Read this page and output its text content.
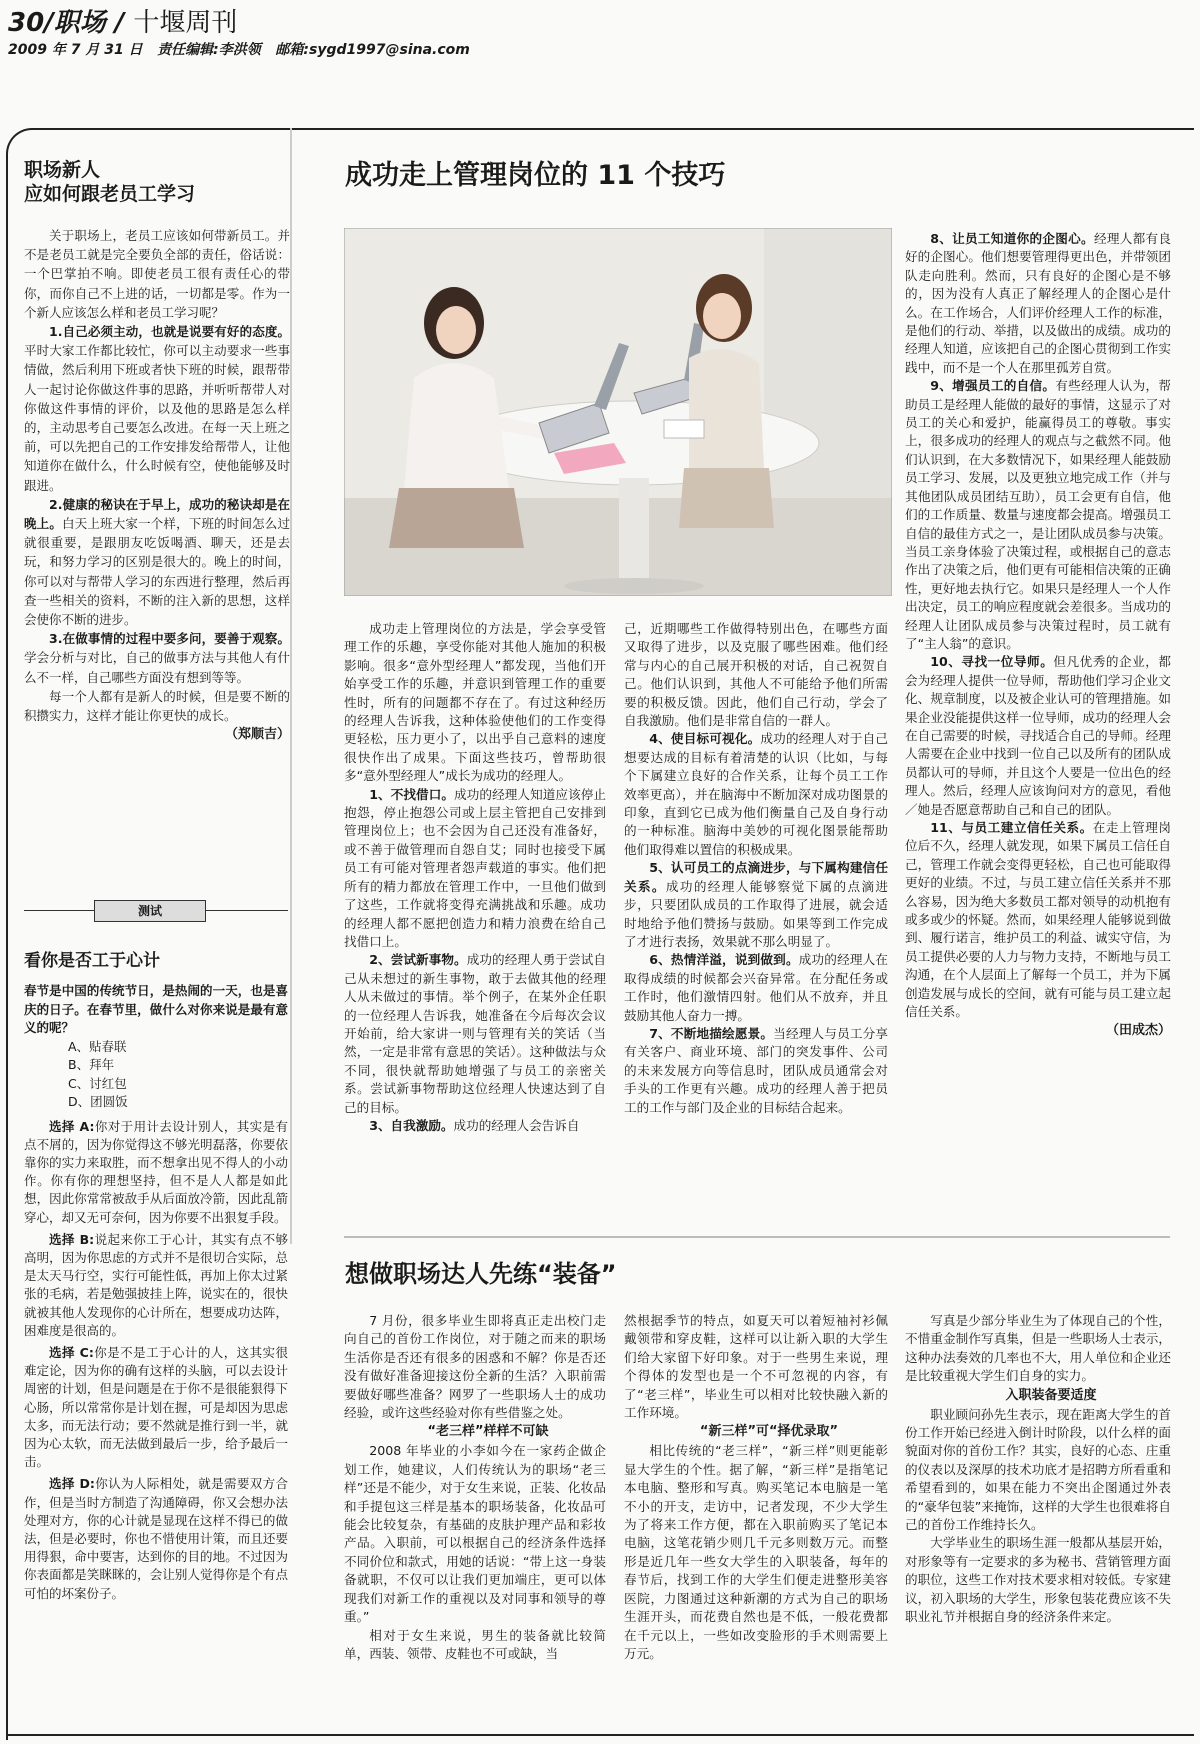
30/职场 / 十堰周刊
2009 年 7 月 31 日 责任编辑:李洪领 邮箱:sygd1997@sina.com
职场新人
应如何跟老员工学习

关于职场上，老员工应该如何带新员工。并不是老员工就是完全要负全部的责任，俗话说：一个巴掌拍不响。即使老员工很有责任心的带你，而你自己不上进的话，一切都是零。作为一个新人应该怎么样和老员工学习呢？

1.自己必须主动，也就是说要有好的态度。平时大家工作都比较忙，你可以主动要求一些事情做，然后利用下班或者快下班的时候，跟帮带人一起讨论你做这件事的思路，并听听帮带人对你做这件事情的评价，以及他的思路是怎么样的，主动思考自己要怎么改进。在每一天上班之前，可以先把自己的工作安排发给帮带人，让他知道你在做什么，什么时候有空，使他能够及时跟进。

2.健康的秘诀在于早上，成功的秘诀却是在晚上。白天上班大家一个样，下班的时间怎么过就很重要，是跟朋友吃饭喝酒、聊天，还是去玩，和努力学习的区别是很大的。晚上的时间，你可以对与帮带人学习的东西进行整理，然后再查一些相关的资料，不断的注入新的思想，这样会使你不断的进步。

3.在做事情的过程中要多问，要善于观察。学会分析与对比，自己的做事方法与其他人有什么不一样，自己哪些方面没有想到等等。

每一个人都有是新人的时候，但是要不断的积攒实力，这样才能让你更快的成长。

（郑顺吉）

测试
看你是否工于心计

春节是中国的传统节日，是热闹的一天，也是喜庆的日子。在春节里，做什么对你来说是最有意义的呢？

A、贴春联
B、拜年
C、讨红包
D、团圆饭

选择 A:你对于用计去设计别人，其实是有点不屑的，因为你觉得这不够光明磊落，你要依靠你的实力来取胜，而不想拿出见不得人的小动作。你有你的理想坚持，但不是人人都是如此想，因此你常常被敌手从后面放冷箭，因此乱箭穿心，却又无可奈何，因为你要不出狠复手段。

选择 B:说起来你工于心计，其实有点不够高明，因为你思虑的方式并不是很切合实际，总是太天马行空，实行可能性低，再加上你太过紧张的毛病，若是勉强披挂上阵，说实在的，很快就被其他人发现你的心计所在，想要成功达阵，困难度是很高的。

选择 C:你是不是工于心计的人，这其实很难定论，因为你的确有这样的头脑，可以去设计周密的计划，但是问题是在于你不是很能狠得下心肠，所以常常你是计划在握，可是却因为思虑太多，而无法行动；要不然就是推行到一半，就因为心太软，而无法做到最后一步，给予最后一击。

选择 D:你认为人际相处，就是需要双方合作，但是当时方制造了沟通障碍，你又会想办法处理对方，你的心计就是显现在这样不得已的做法，但是必要时，你也不惜使用计策，而且还要用得狠，命中要害，达到你的目的地。不过因为你表面都是笑眯眯的，会让别人觉得你是个有点可怕的坏案份子。

成功走上管理岗位的 11 个技巧

成功走上管理岗位的方法是，学会享受管理工作的乐趣，享受你能对其他人施加的积极影响。很多“意外型经理人”都发现，当他们开始享受工作的乐趣，并意识到管理工作的重要性时，所有的问题都不存在了。有过这种经历的经理人告诉我，这种体验使他们的工作变得更轻松，压力更小了，以出乎自己意料的速度很快作出了成果。下面这些技巧，曾帮助很多“意外型经理人”成长为成功的经理人。

1、不找借口。成功的经理人知道应该停止抱怨，停止抱怨公司或上层主管把自己安排到管理岗位上；也不会因为自己还没有准备好，或不善于做管理而自怨自艾；同时也接受下属员工有可能对管理者怨声载道的事实。他们把所有的精力都放在管理工作中，一旦他们做到了这些，工作就将变得充满挑战和乐趣。成功的经理人都不愿把创造力和精力浪费在给自己找借口上。

2、尝试新事物。成功的经理人勇于尝试自己从未想过的新生事物，敢于去做其他的经理人从未做过的事情。举个例子，在某外企任职的一位经理人告诉我，她准备在今后每次会议开始前，给大家讲一则与管理有关的笑话（当然，一定是非常有意思的笑话）。这种做法与众不同，很快就帮助她增强了与员工的亲密关系。尝试新事物帮助这位经理人快速达到了自己的目标。

3、自我激励。成功的经理人会告诉自

己，近期哪些工作做得特别出色，在哪些方面又取得了进步，以及克服了哪些困难。他们经常与内心的自己展开积极的对话，自己祝贺自己。他们认识到，其他人不可能给予他们所需要的积极反馈。因此，他们自己行动，学会了自我激励。他们是非常自信的一群人。

4、使目标可视化。成功的经理人对于自己想要达成的目标有着清楚的认识（比如，与每个下属建立良好的合作关系，让每个员工工作效率更高），并在脑海中不断加深对成功图景的印象，直到它已成为他们衡量自己及自身行动的一种标准。脑海中美妙的可视化图景能帮助他们取得难以置信的积极成果。

5、认可员工的点滴进步，与下属构建信任关系。成功的经理人能够察觉下属的点滴进步，只要团队成员的工作取得了进展，就会适时地给予他们赞扬与鼓励。如果等到工作完成了才进行表扬，效果就不那么明显了。

6、热情洋溢，说到做到。成功的经理人在取得成绩的时候都会兴奋异常。在分配任务或工作时，他们激情四射。他们从不放弃，并且鼓励其他人奋力一搏。

7、不断地描绘愿景。当经理人与员工分享有关客户、商业环境、部门的突发事件、公司的未来发展方向等信息时，团队成员通常会对手头的工作更有兴趣。成功的经理人善于把员工的工作与部门及企业的目标结合起来。

8、让员工知道你的企图心。经理人都有良好的企图心。他们想要管理得更出色，并带领团队走向胜利。然而，只有良好的企图心是不够的，因为没有人真正了解经理人的企图心是什么。在工作场合，人们评价经理人工作的标准，是他们的行动、举措，以及做出的成绩。成功的经理人知道，应该把自己的企图心贯彻到工作实践中，而不是一个人在那里孤芳自赏。

9、增强员工的自信。有些经理人认为，帮助员工是经理人能做的最好的事情，这显示了对员工的关心和爱护，能赢得员工的尊敬。事实上，很多成功的经理人的观点与之截然不同。他们认识到，在大多数情况下，如果经理人能鼓励员工学习、发展，以及更独立地完成工作（并与其他团队成员团结互助），员工会更有自信，他们的工作质量、数量与速度都会提高。增强员工自信的最佳方式之一，是让团队成员参与决策。当员工亲身体验了决策过程，或根据自己的意志作出了决策之后，他们更有可能相信决策的正确性，更好地去执行它。如果只是经理人一个人作出决定，员工的响应程度就会差很多。当成功的经理人让团队成员参与决策过程时，员工就有了“主人翁”的意识。

10、寻找一位导师。但凡优秀的企业，都会为经理人提供一位导师，帮助他们学习企业文化、规章制度，以及被企业认可的管理措施。如果企业没能提供这样一位导师，成功的经理人会在自己需要的时候，寻找适合自己的导师。经理人需要在企业中找到一位自己以及所有的团队成员都认可的导师，并且这个人要是一位出色的经理人。然后，经理人应该询问对方的意见，看他／她是否愿意帮助自己和自己的团队。

11、与员工建立信任关系。在走上管理岗位后不久，经理人就发现，如果下属员工信任自己，管理工作就会变得更轻松，自己也可能取得更好的业绩。不过，与员工建立信任关系并不那么容易，因为绝大多数员工都对领导的动机抱有或多或少的怀疑。然而，如果经理人能够说到做到、履行诺言，维护员工的利益、诚实守信，为员工提供必要的人力与物力支持，不断地与员工沟通，在个人层面上了解每一个员工，并为下属创造发展与成长的空间，就有可能与员工建立起信任关系。

（田成杰）

想做职场达人先练“装备”

7 月份，很多毕业生即将真正走出校门走向自己的首份工作岗位，对于随之而来的职场生活你是否还有很多的困惑和不解？你是否还没有做好准备迎接这份全新的生活？入职前需要做好哪些准备？网罗了一些职场人士的成功经验，或许这些经验对你有些借鉴之处。

“老三样”样样不可缺

2008 年毕业的小李如今在一家药企做企划工作，她建议，人们传统认为的职场“老三样”还是不能少，对于女生来说，正装、化妆品和手提包这三样是基本的职场装备，化妆品可能会比较复杂，有基础的皮肤护理产品和彩妆产品。入职前，可以根据自己的经济条件选择不同价位和款式，用她的话说：“带上这一身装备就职，不仅可以让我们更加端庄，更可以体现我们对新工作的重视以及对同事和领导的尊重。”

相对于女生来说，男生的装备就比较简单，西装、领带、皮鞋也不可或缺，当

然根据季节的特点，如夏天可以着短袖衬衫佩戴领带和穿皮鞋，这样可以让新入职的大学生们给大家留下好印象。对于一些男生来说，理个得体的发型也是一个不可忽视的内容，有了“老三样”，毕业生可以相对比较快融入新的工作环境。

“新三样”可“择优录取”

相比传统的“老三样”，“新三样”则更能彰显大学生的个性。据了解，“新三样”是指笔记本电脑、整形和写真。购买笔记本电脑是一笔不小的开支，走访中，记者发现，不少大学生为了将来工作方便，都在入职前购买了笔记本电脑，这笔花销少则几千元多则数万元。而整形是近几年一些女大学生的入职装备，每年的春节后，找到工作的大学生们便走进整形美容医院，力图通过这种新潮的方式为自己的职场生涯开头，而花费自然也是不低，一般花费都在千元以上，一些如改变脸形的手术则需要上万元。

写真是少部分毕业生为了体现自己的个性，不惜重金制作写真集，但是一些职场人士表示，这种办法奏效的几率也不大，用人单位和企业还是比较重视大学生们自身的实力。

入职装备要适度

职业顾问孙先生表示，现在距离大学生的首份工作开始已经进入倒计时阶段，以什么样的面貌面对你的首份工作？其实，良好的心态、庄重的仪表以及深厚的技术功底才是招聘方所看重和希望看到的，如果在能力不突出企图通过外表的“豪华包装”来掩饰，这样的大学生也很难将自己的首份工作维持长久。

大学毕业生的职场生涯一般都从基层开始，对形象等有一定要求的多为秘书、营销管理方面的职位，这些工作对技术要求相对较低。专家建议，初入职场的大学生，形象包装花费应该不失职业礼节并根据自身的经济条件来定。
